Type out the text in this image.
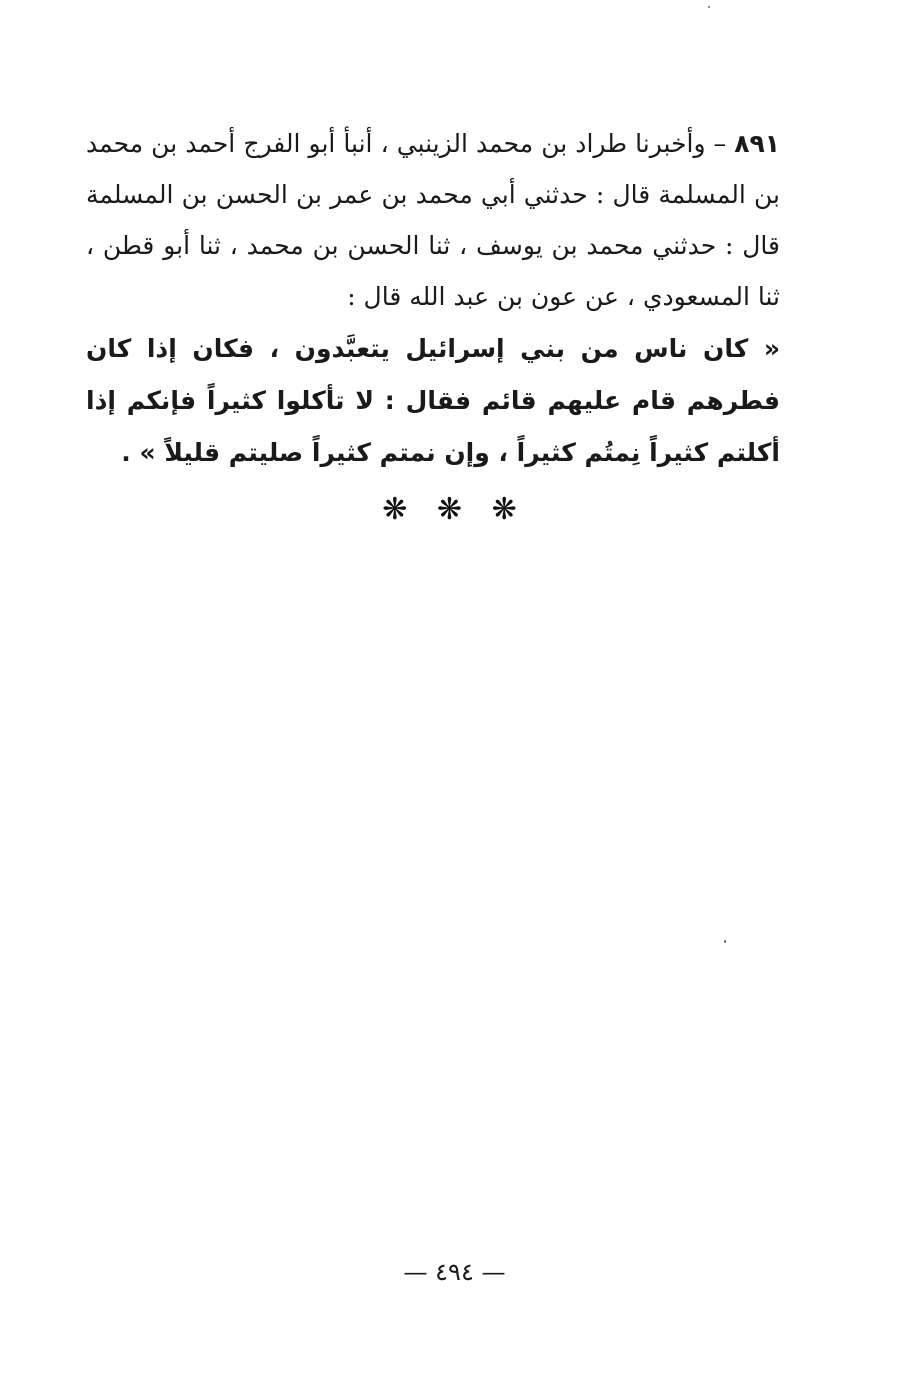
٨٩١ – وأخبرنا طراد بن محمد الزينبي ، أنبأ أبو الفرج أحمد بن محمد بن المسلمة قال : حدثني أبي محمد بن عمر بن الحسن بن المسلمة قال : حدثني محمد بن يوسف ، ثنا الحسن بن محمد ، ثنا أبو قطن ، ثنا المسعودي ، عن عون بن عبد الله قال :

« كان ناس من بني إسرائيل يتعبَّدون ، فكان إذا كان فطرهم قام عليهم قائم فقال : لا تأكلوا كثيراً فإنكم إذا أكلتم كثيراً نِمتُم كثيراً ، وإن نمتم كثيراً صليتم قليلاً » .

❋ ❋ ❋
— ٤٩٤ —
